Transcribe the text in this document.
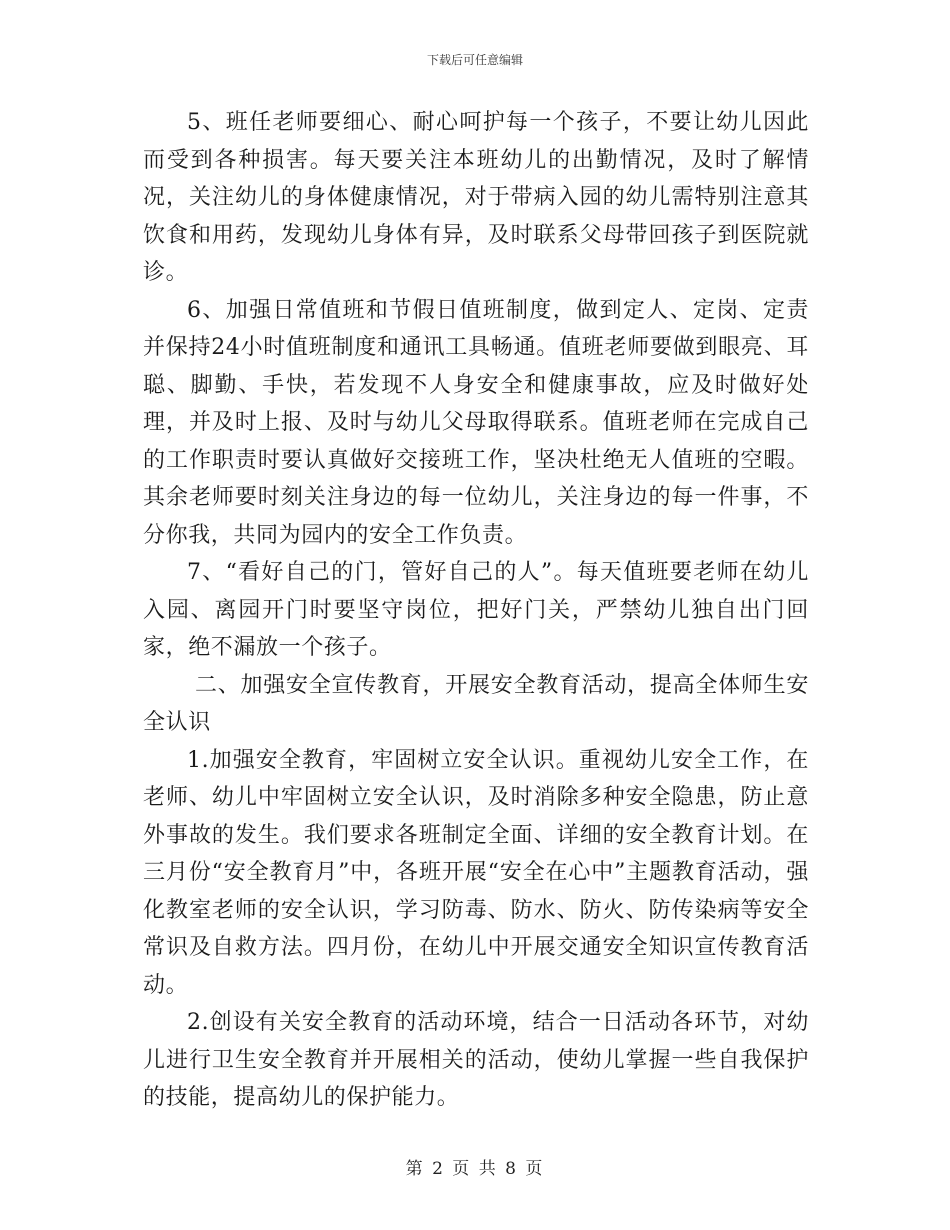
下载后可任意编辑

5、班任老师要细心、耐心呵护每一个孩子，不要让幼儿因此而受到各种损害。每天要关注本班幼儿的出勤情况，及时了解情况，关注幼儿的身体健康情况，对于带病入园的幼儿需特别注意其饮食和用药，发现幼儿身体有异，及时联系父母带回孩子到医院就诊。

6、加强日常值班和节假日值班制度，做到定人、定岗、定责并保持24小时值班制度和通讯工具畅通。值班老师要做到眼亮、耳聪、脚勤、手快，若发现不人身安全和健康事故，应及时做好处理，并及时上报、及时与幼儿父母取得联系。值班老师在完成自己的工作职责时要认真做好交接班工作，坚决杜绝无人值班的空暇。其余老师要时刻关注身边的每一位幼儿，关注身边的每一件事，不分你我，共同为园内的安全工作负责。

7、“看好自己的门，管好自己的人”。每天值班要老师在幼儿入园、离园开门时要坚守岗位，把好门关，严禁幼儿独自出门回家，绝不漏放一个孩子。

二、加强安全宣传教育，开展安全教育活动，提高全体师生安全认识

1.加强安全教育，牢固树立安全认识。重视幼儿安全工作，在老师、幼儿中牢固树立安全认识，及时消除多种安全隐患，防止意外事故的发生。我们要求各班制定全面、详细的安全教育计划。在三月份“安全教育月”中，各班开展“安全在心中”主题教育活动，强化教室老师的安全认识，学习防毒、防水、防火、防传染病等安全常识及自救方法。四月份，在幼儿中开展交通安全知识宣传教育活动。

2.创设有关安全教育的活动环境，结合一日活动各环节，对幼儿进行卫生安全教育并开展相关的活动，使幼儿掌握一些自我保护的技能，提高幼儿的保护能力。

第 2 页 共 8 页
